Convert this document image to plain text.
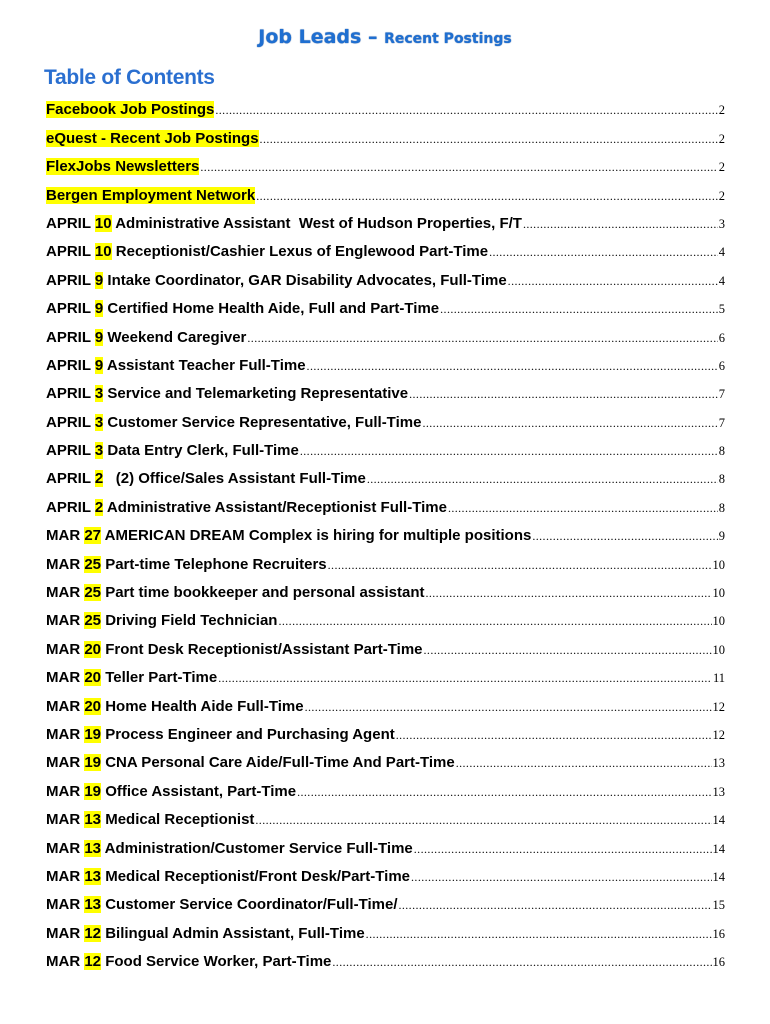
Job Leads – Recent Postings
Table of Contents
Facebook Job Postings .....	2
eQuest - Recent Job Postings .....	2
FlexJobs Newsletters .....	2
Bergen Employment Network .....	2
APRIL 10 Administrative Assistant  West of Hudson Properties, F/T .....	3
APRIL 10 Receptionist/Cashier Lexus of Englewood Part-Time .....	4
APRIL 9 Intake Coordinator, GAR Disability Advocates, Full-Time .....	4
APRIL 9 Certified Home Health Aide, Full and Part-Time .....	5
APRIL 9 Weekend Caregiver .....	6
APRIL 9 Assistant Teacher Full-Time .....	6
APRIL 3 Service and Telemarketing Representative .....	7
APRIL 3 Customer Service Representative, Full-Time .....	7
APRIL 3 Data Entry Clerk, Full-Time .....	8
APRIL 2   (2) Office/Sales Assistant Full-Time .....	8
APRIL 2 Administrative Assistant/Receptionist Full-Time .....	8
MAR 27 AMERICAN DREAM Complex is hiring for multiple positions .....	9
MAR 25 Part-time Telephone Recruiters .....	10
MAR 25 Part time bookkeeper and personal assistant .....	10
MAR 25 Driving Field Technician .....	10
MAR 20 Front Desk Receptionist/Assistant Part-Time .....	10
MAR 20 Teller Part-Time .....	11
MAR 20 Home Health Aide Full-Time .....	12
MAR 19 Process Engineer and Purchasing Agent .....	12
MAR 19 CNA Personal Care Aide/Full-Time And Part-Time .....	13
MAR 19 Office Assistant, Part-Time .....	13
MAR 13 Medical Receptionist .....	14
MAR 13 Administration/Customer Service Full-Time .....	14
MAR 13 Medical Receptionist/Front Desk/Part-Time .....	14
MAR 13 Customer Service Coordinator/Full-Time/ .....	15
MAR 12 Bilingual Admin Assistant, Full-Time .....	16
MAR 12 Food Service Worker, Part-Time .....	16
